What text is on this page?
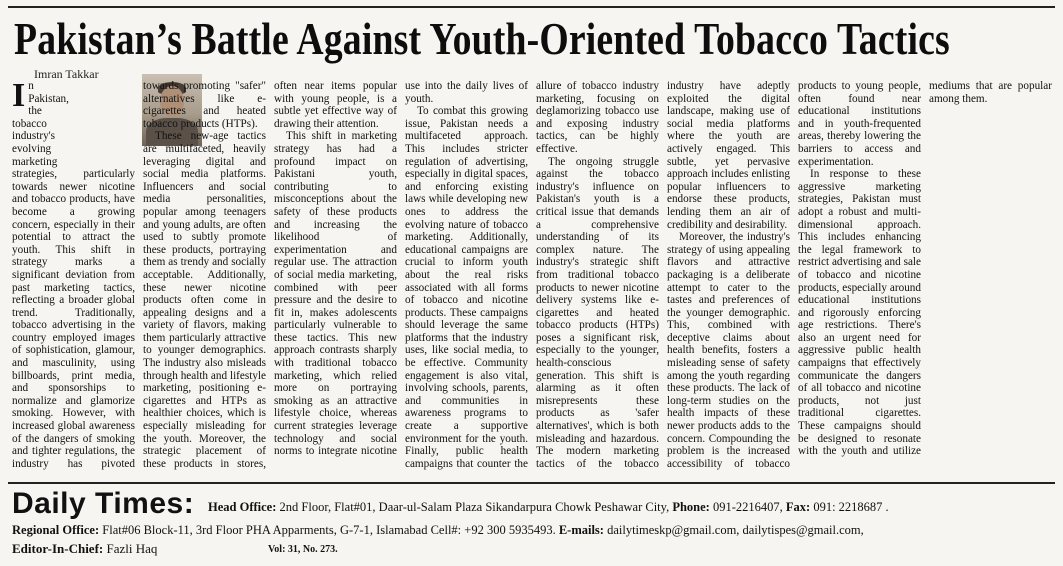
Pakistan’s Battle Against Youth-Oriented Tobacco Tactics
Imran Takkar

In Pakistan, the tobacco industry's evolving marketing strategies, particularly towards newer nicotine and tobacco products, have become a growing concern, especially in their potential to attract the youth. This shift in strategy marks a significant deviation from past marketing tactics, reflecting a broader global trend. Traditionally, tobacco advertising in the country employed images of sophistication, glamour, and masculinity, using billboards, print media, and sponsorships to normalize and glamorize smoking. However, with increased global awareness of the dangers of smoking and tighter regulations, the industry has pivoted towards promoting "safer" alternatives like e-cigarettes and heated tobacco products (HTPs).

These new-age tactics are multifaceted, heavily leveraging digital and social media platforms. Influencers and social media personalities, popular among teenagers and young adults, are often used to subtly promote these products, portraying them as trendy and socially acceptable. Additionally, these newer nicotine products often come in appealing designs and a variety of flavors, making them particularly attractive to younger demographics. The industry also misleads through health and lifestyle marketing, positioning e-cigarettes and HTPs as healthier choices, which is especially misleading for the youth. Moreover, the strategic placement of these products in stores, often near items popular with young people, is a subtle yet effective way of drawing their attention.

This shift in marketing strategy has had a profound impact on Pakistani youth, contributing to misconceptions about the safety of these products and increasing the likelihood of experimentation and regular use. The attraction of social media marketing, combined with peer pressure and the desire to fit in, makes adolescents particularly vulnerable to these tactics. This new approach contrasts sharply with traditional tobacco marketing, which relied more on portraying smoking as an attractive lifestyle choice, whereas current strategies leverage technology and social norms to integrate nicotine use into the daily lives of youth.

To combat this growing issue, Pakistan needs a multifaceted approach. This includes stricter regulation of advertising, especially in digital spaces, and enforcing existing laws while developing new ones to address the evolving nature of tobacco marketing. Additionally, educational campaigns are crucial to inform youth about the real risks associated with all forms of tobacco and nicotine products. These campaigns should leverage the same platforms that the industry uses, like social media, to be effective. Community engagement is also vital, involving schools, parents, and communities in awareness programs to create a supportive environment for the youth. Finally, public health campaigns that counter the allure of tobacco industry marketing, focusing on deglamorizing tobacco use and exposing industry tactics, can be highly effective.

The ongoing struggle against the tobacco industry's influence on Pakistan's youth is a critical issue that demands a comprehensive understanding of its complex nature. The industry's strategic shift from traditional tobacco products to newer nicotine delivery systems like e-cigarettes and heated tobacco products (HTPs) poses a significant risk, especially to the younger, health-conscious generation. This shift is alarming as it often misrepresents these products as 'safer alternatives', which is both misleading and hazardous. The modern marketing tactics of the tobacco industry have adeptly exploited the digital landscape, making use of social media platforms where the youth are actively engaged. This subtle, yet pervasive approach includes enlisting popular influencers to endorse these products, lending them an air of credibility and desirability.

Moreover, the industry's strategy of using appealing flavors and attractive packaging is a deliberate attempt to cater to the tastes and preferences of the younger demographic. This, combined with deceptive claims about health benefits, fosters a misleading sense of safety among the youth regarding these products. The lack of long-term studies on the health impacts of these newer products adds to the concern. Compounding the problem is the increased accessibility of tobacco products to young people, often found near educational institutions and in youth-frequented areas, thereby lowering the barriers to access and experimentation.

In response to these aggressive marketing strategies, Pakistan must adopt a robust and multi-dimensional approach. This includes enhancing the legal framework to restrict advertising and sale of tobacco and nicotine products, especially around educational institutions and rigorously enforcing age restrictions. There's also an urgent need for aggressive public health campaigns that effectively communicate the dangers of all tobacco and nicotine products, not just traditional cigarettes. These campaigns should be designed to resonate with the youth and utilize mediums that are popular among them.

Daily Times: Head Office: 2nd Floor, Flat#01, Daar-ul-Salam Plaza Sikandarpura Chowk Peshawar City, Phone: 091-2216407, Fax: 091: 2218687 .
Regional Office: Flat#06 Block-11, 3rd Floor PHA Apparments, G-7-1, Islamabad Cell#: +92 300 5935493. E-mails: dailytimeskp@gmail.com, dailytispes@gmail.com,
Editor-In-Chief: Fazli Haq	Vol: 31, No. 273.
